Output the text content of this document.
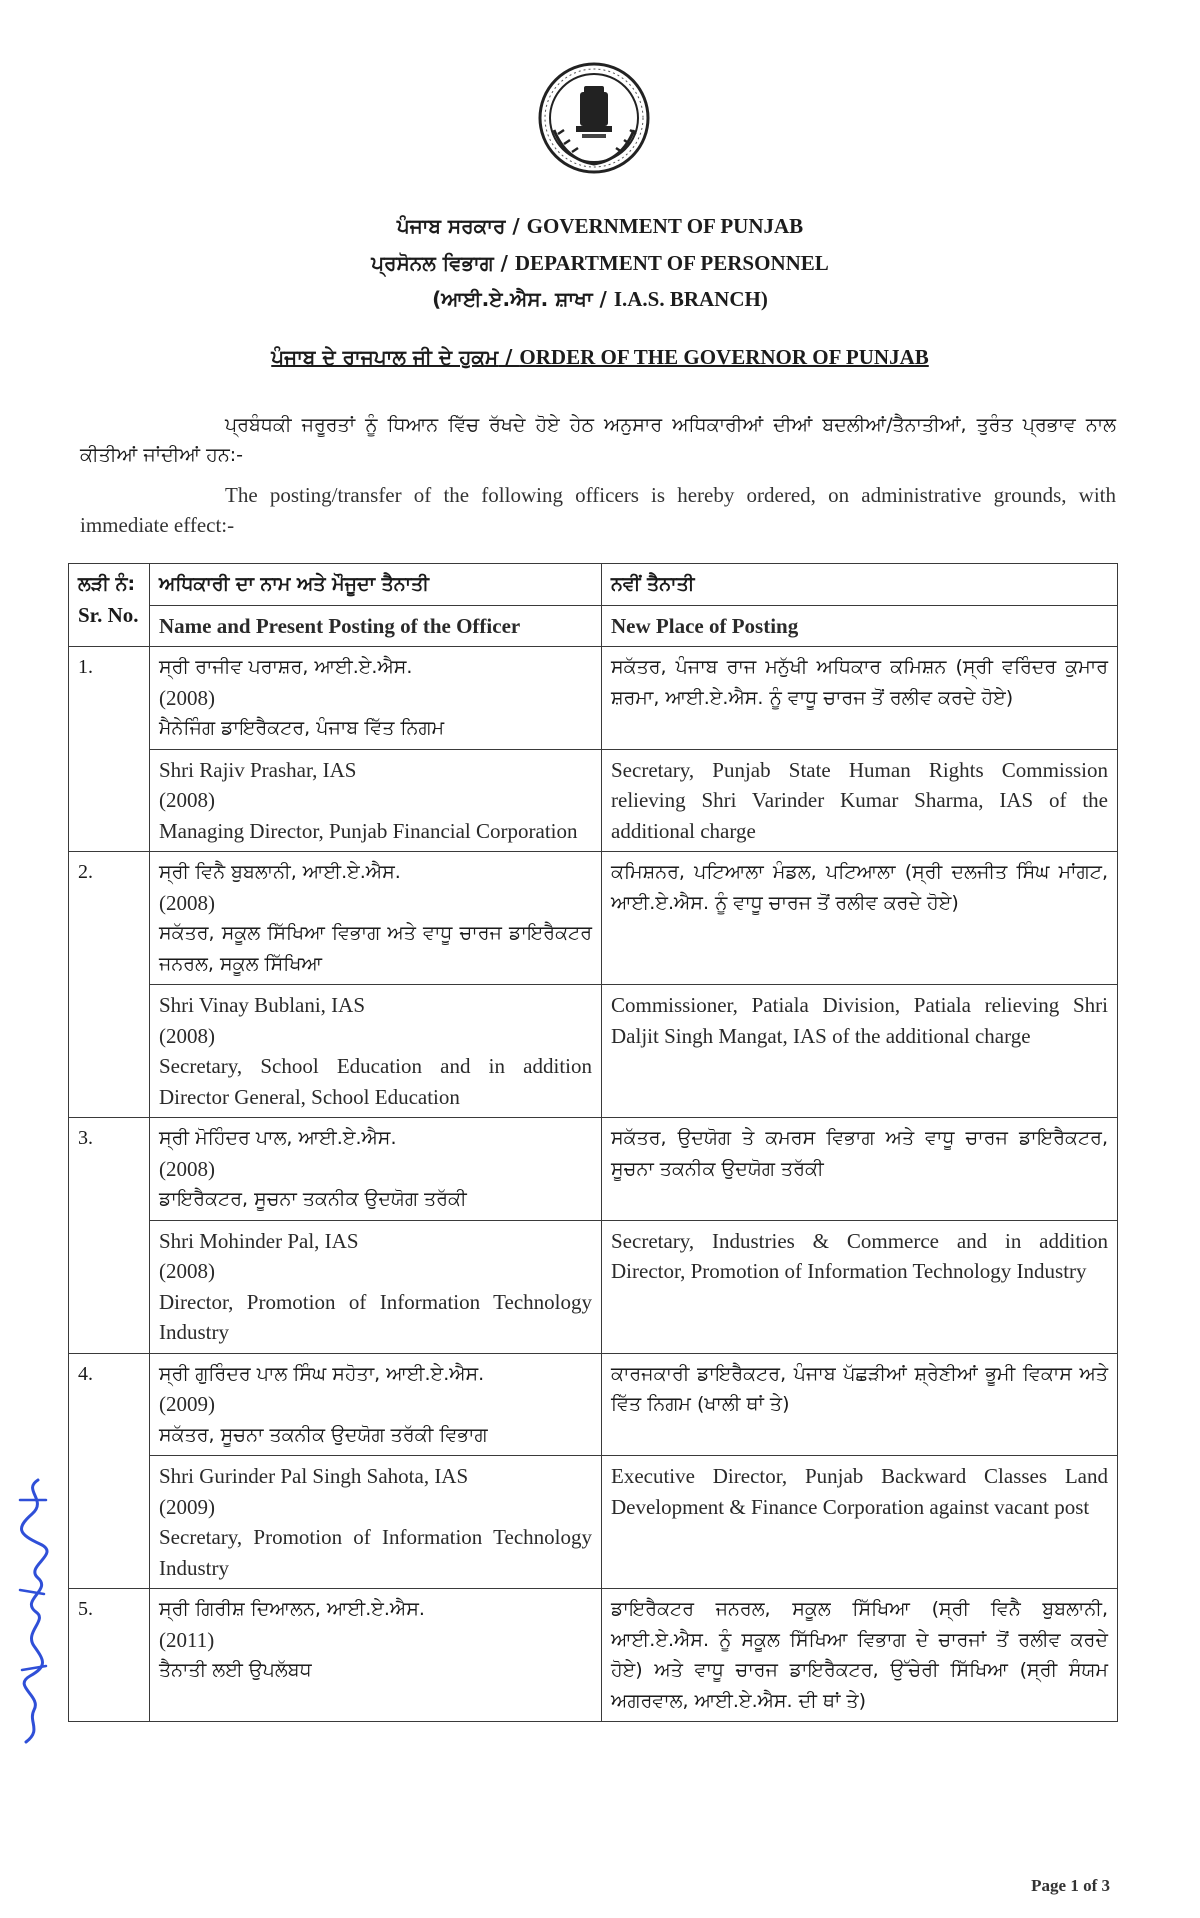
ਪੰਜਾਬ ਸਰਕਾਰ / GOVERNMENT OF PUNJAB
ਪ੍ਰਸੋਨਲ ਵਿਭਾਗ / DEPARTMENT OF PERSONNEL
(ਆਈ.ਏ.ਐਸ. ਸ਼ਾਖਾ / I.A.S. BRANCH)
ਪੰਜਾਬ ਦੇ ਰਾਜਪਾਲ ਜੀ ਦੇ ਹੁਕਮ / ORDER OF THE GOVERNOR OF PUNJAB
ਪ੍ਰਬੰਧਕੀ ਜਰੂਰਤਾਂ ਨੂੰ ਧਿਆਨ ਵਿੱਚ ਰੱਖਦੇ ਹੋਏ ਹੇਠ ਅਨੁਸਾਰ ਅਧਿਕਾਰੀਆਂ ਦੀਆਂ ਬਦਲੀਆਂ/ਤੈਨਾਤੀਆਂ, ਤੁਰੰਤ ਪ੍ਰਭਾਵ ਨਾਲ ਕੀਤੀਆਂ ਜਾਂਦੀਆਂ ਹਨ:-
The posting/transfer of the following officers is hereby ordered, on administrative grounds, with immediate effect:-
ਲੜੀ ਨੰ:
Sr. No.	ਅਧਿਕਾਰੀ ਦਾ ਨਾਮ ਅਤੇ ਮੌਜੂਦਾ ਤੈਨਾਤੀ	ਨਵੀਂ ਤੈਨਾਤੀ
	Name and Present Posting of the Officer	New Place of Posting
1.	ਸ੍ਰੀ ਰਾਜੀਵ ਪਰਾਸ਼ਰ, ਆਈ.ਏ.ਐਸ.
(2008)
ਮੈਨੇਜਿੰਗ ਡਾਇਰੈਕਟਰ, ਪੰਜਾਬ ਵਿੱਤ ਨਿਗਮ	ਸਕੱਤਰ, ਪੰਜਾਬ ਰਾਜ ਮਨੁੱਖੀ ਅਧਿਕਾਰ ਕਮਿਸ਼ਨ (ਸ੍ਰੀ ਵਰਿੰਦਰ ਕੁਮਾਰ ਸ਼ਰਮਾ, ਆਈ.ਏ.ਐਸ. ਨੂੰ ਵਾਧੂ ਚਾਰਜ ਤੋਂ ਰਲੀਵ ਕਰਦੇ ਹੋਏ)

	Shri Rajiv Prashar, IAS
(2008)
Managing Director, Punjab Financial Corporation	Secretary, Punjab State Human Rights Commission relieving Shri Varinder Kumar Sharma, IAS of the additional charge
2.	ਸ੍ਰੀ ਵਿਨੈ ਬੁਬਲਾਨੀ, ਆਈ.ਏ.ਐਸ.
(2008)
ਸਕੱਤਰ, ਸਕੂਲ ਸਿੱਖਿਆ ਵਿਭਾਗ ਅਤੇ ਵਾਧੂ ਚਾਰਜ ਡਾਇਰੈਕਟਰ ਜਨਰਲ, ਸਕੂਲ ਸਿੱਖਿਆ	ਕਮਿਸ਼ਨਰ, ਪਟਿਆਲਾ ਮੰਡਲ, ਪਟਿਆਲਾ (ਸ੍ਰੀ ਦਲਜੀਤ ਸਿੰਘ ਮਾਂਗਟ, ਆਈ.ਏ.ਐਸ. ਨੂੰ ਵਾਧੂ ਚਾਰਜ ਤੋਂ ਰਲੀਵ ਕਰਦੇ ਹੋਏ)

	Shri Vinay Bublani, IAS
(2008)
Secretary, School Education and in addition Director General, School Education	Commissioner, Patiala Division, Patiala relieving Shri Daljit Singh Mangat, IAS of the additional charge
3.	ਸ੍ਰੀ ਮੋਹਿੰਦਰ ਪਾਲ, ਆਈ.ਏ.ਐਸ.
(2008)
ਡਾਇਰੈਕਟਰ, ਸੂਚਨਾ ਤਕਨੀਕ ਉਦਯੋਗ ਤਰੱਕੀ	ਸਕੱਤਰ, ਉਦਯੋਗ ਤੇ ਕਮਰਸ ਵਿਭਾਗ ਅਤੇ ਵਾਧੂ ਚਾਰਜ ਡਾਇਰੈਕਟਰ, ਸੂਚਨਾ ਤਕਨੀਕ ਉਦਯੋਗ ਤਰੱਕੀ

	Shri Mohinder Pal, IAS
(2008)
Director, Promotion of Information Technology Industry	Secretary, Industries & Commerce and in addition Director, Promotion of Information Technology Industry
4.	ਸ੍ਰੀ ਗੁਰਿੰਦਰ ਪਾਲ ਸਿੰਘ ਸਹੋਤਾ, ਆਈ.ਏ.ਐਸ.
(2009)
ਸਕੱਤਰ, ਸੂਚਨਾ ਤਕਨੀਕ ਉਦਯੋਗ ਤਰੱਕੀ ਵਿਭਾਗ	ਕਾਰਜਕਾਰੀ ਡਾਇਰੈਕਟਰ, ਪੰਜਾਬ ਪੱਛੜੀਆਂ ਸ਼੍ਰੇਣੀਆਂ ਭੂਮੀ ਵਿਕਾਸ ਅਤੇ ਵਿੱਤ ਨਿਗਮ (ਖਾਲੀ ਥਾਂ ਤੇ)

	Shri Gurinder Pal Singh Sahota, IAS
(2009)
Secretary, Promotion of Information Technology Industry	Executive Director, Punjab Backward Classes Land Development & Finance Corporation against vacant post
5.	ਸ੍ਰੀ ਗਿਰੀਸ਼ ਦਿਆਲਨ, ਆਈ.ਏ.ਐਸ.
(2011)
ਤੈਨਾਤੀ ਲਈ ਉਪਲੱਬਧ	ਡਾਇਰੈਕਟਰ ਜਨਰਲ, ਸਕੂਲ ਸਿੱਖਿਆ (ਸ੍ਰੀ ਵਿਨੈ ਬੁਬਲਾਨੀ, ਆਈ.ਏ.ਐਸ. ਨੂੰ ਸਕੂਲ ਸਿੱਖਿਆ ਵਿਭਾਗ ਦੇ ਚਾਰਜਾਂ ਤੋਂ ਰਲੀਵ ਕਰਦੇ ਹੋਏ) ਅਤੇ ਵਾਧੂ ਚਾਰਜ ਡਾਇਰੈਕਟਰ, ਉੱਚੇਰੀ ਸਿੱਖਿਆ (ਸ੍ਰੀ ਸੰਯਮ ਅਗਰਵਾਲ, ਆਈ.ਏ.ਐਸ. ਦੀ ਥਾਂ ਤੇ)
Page 1 of 3
